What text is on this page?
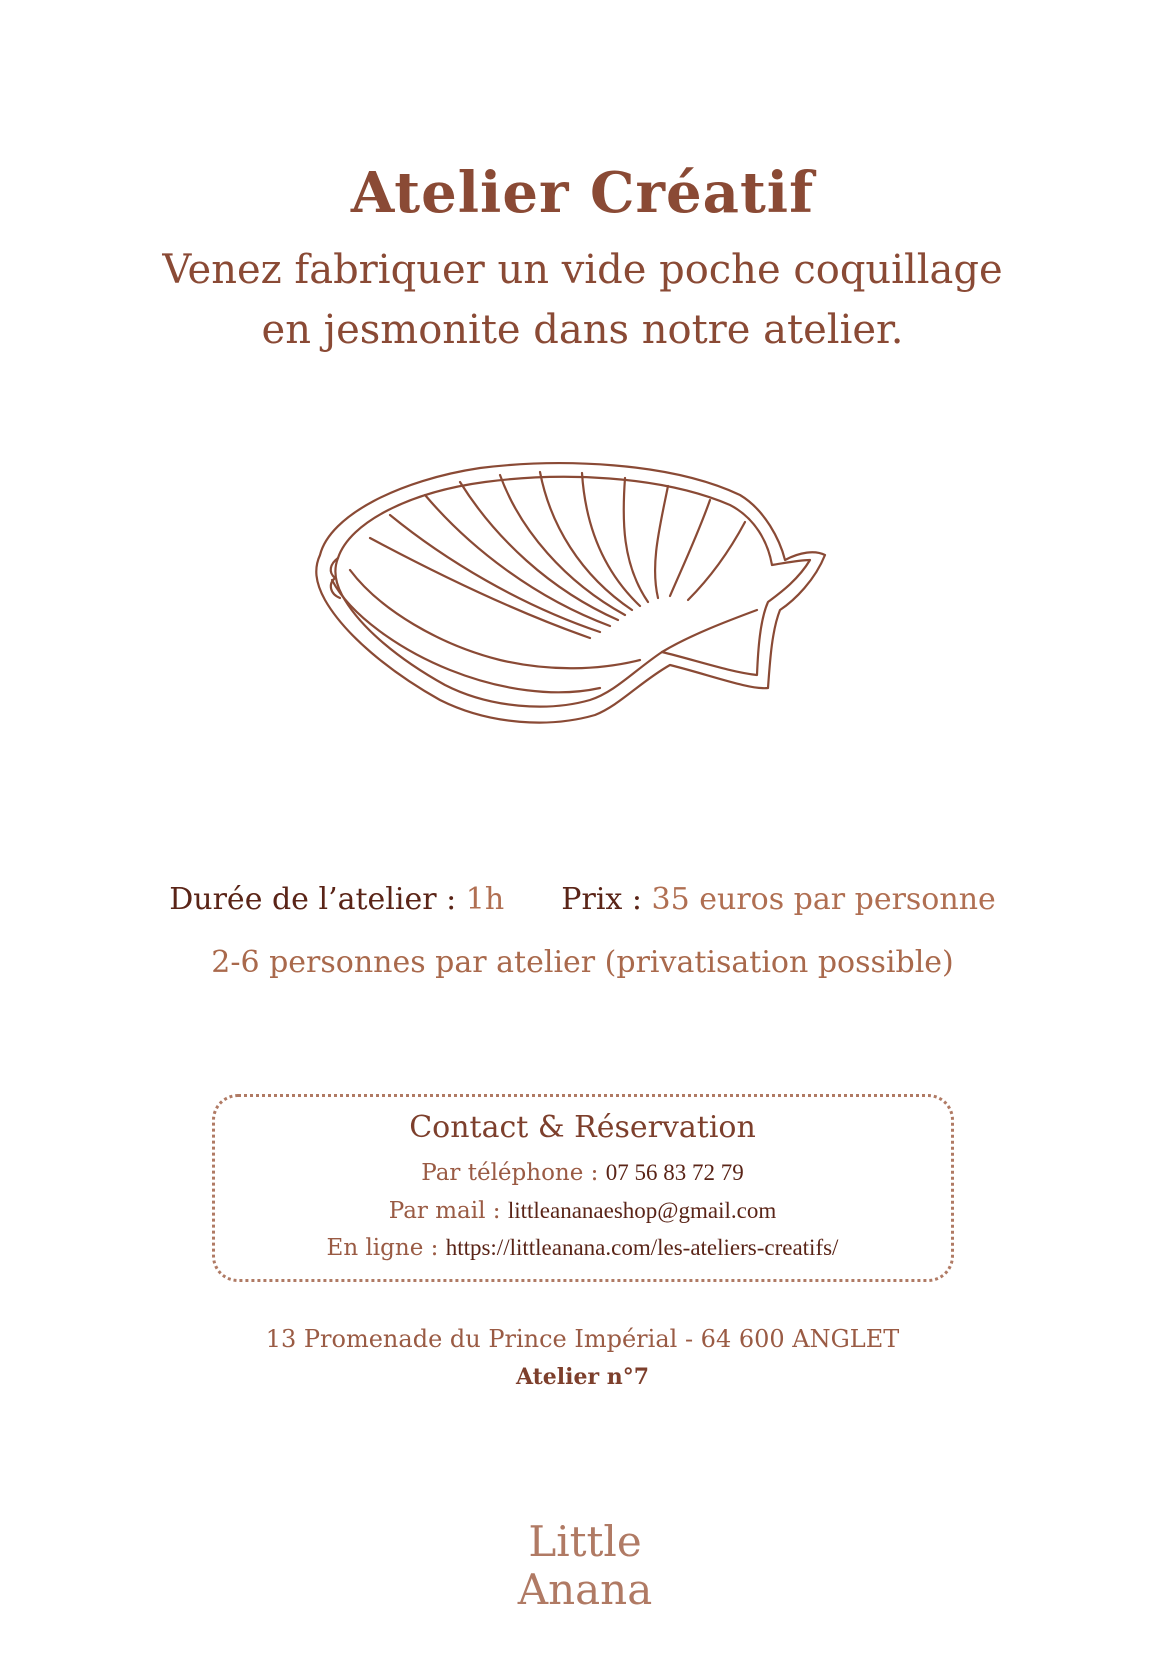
Atelier Créatif
Venez fabriquer un vide poche coquillage
en jesmonite dans notre atelier.
Durée de l’atelier : 1h Prix : 35 euros par personne
2-6 personnes par atelier (privatisation possible)
Contact & Réservation
Par téléphone : 07 56 83 72 79
Par mail : littleananaeshop@gmail.com
En ligne : https://littleanana.com/les-ateliers-creatifs/
13 Promenade du Prince Impérial - 64 600 ANGLET
Atelier n°7
Little
Anana
